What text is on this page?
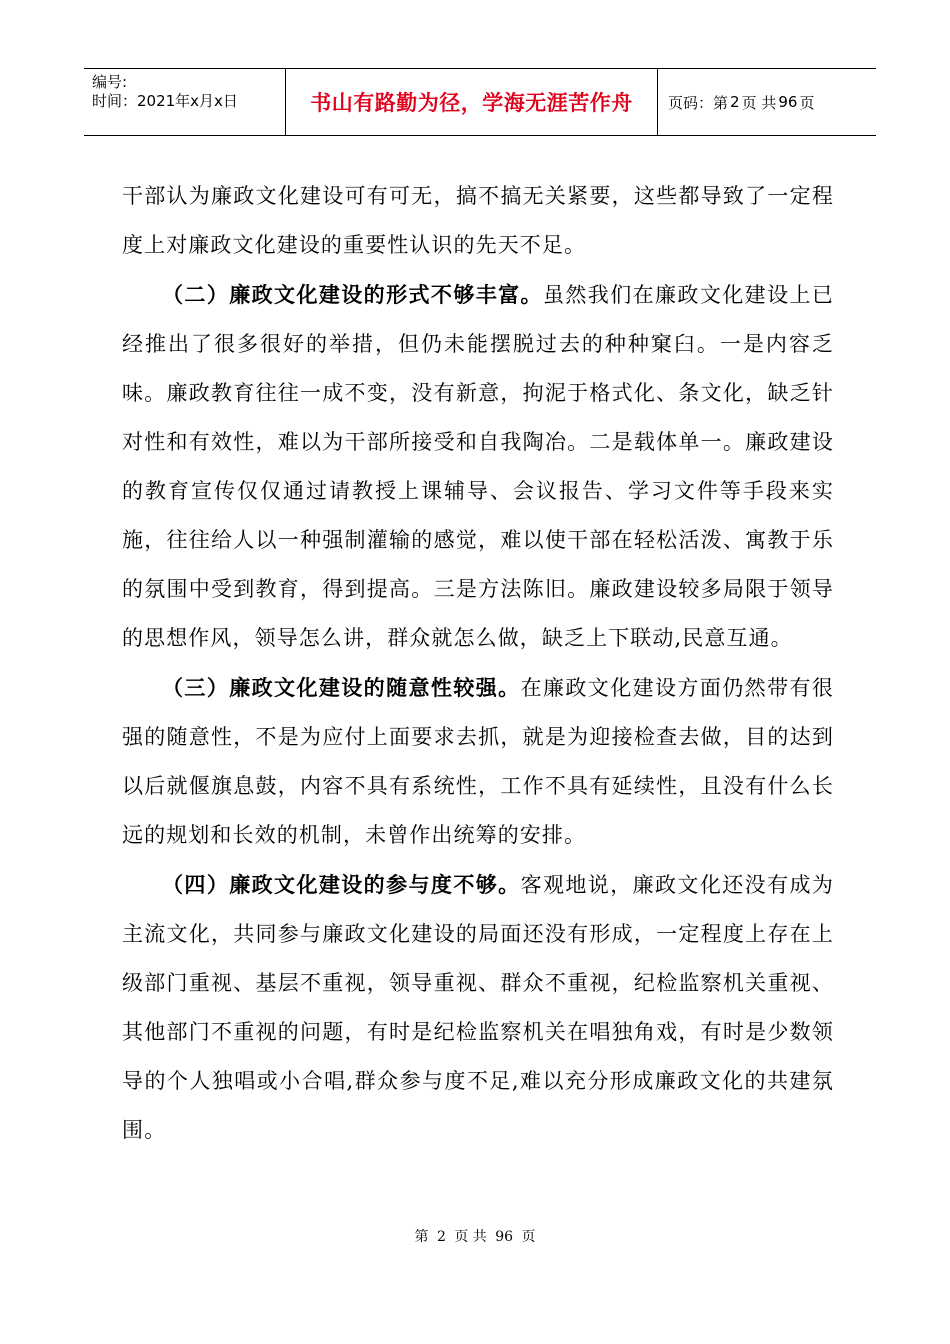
编号:
时间：2021年x月x日	书山有路勤为径，学海无涯苦作舟 页码：第 2 页 共 96 页

干部认为廉政文化建设可有可无，搞不搞无关紧要，这些都导致了一定程度上对廉政文化建设的重要性认识的先天不足。

（二）廉政文化建设的形式不够丰富。虽然我们在廉政文化建设上已经推出了很多很好的举措，但仍未能摆脱过去的种种窠臼。一是内容乏味。廉政教育往往一成不变，没有新意，拘泥于格式化、条文化，缺乏针对性和有效性，难以为干部所接受和自我陶冶。二是载体单一。廉政建设的教育宣传仅仅通过请教授上课辅导、会议报告、学习文件等手段来实施，往往给人以一种强制灌输的感觉，难以使干部在轻松活泼、寓教于乐的氛围中受到教育，得到提高。三是方法陈旧。廉政建设较多局限于领导的思想作风，领导怎么讲，群众就怎么做，缺乏上下联动,民意互通。

（三）廉政文化建设的随意性较强。在廉政文化建设方面仍然带有很强的随意性，不是为应付上面要求去抓，就是为迎接检查去做，目的达到以后就偃旗息鼓，内容不具有系统性，工作不具有延续性，且没有什么长远的规划和长效的机制，未曾作出统筹的安排。

（四）廉政文化建设的参与度不够。客观地说，廉政文化还没有成为主流文化，共同参与廉政文化建设的局面还没有形成，一定程度上存在上级部门重视、基层不重视，领导重视、群众不重视，纪检监察机关重视、其他部门不重视的问题，有时是纪检监察机关在唱独角戏，有时是少数领导的个人独唱或小合唱,群众参与度不足,难以充分形成廉政文化的共建氛围。

第 2 页 共 96 页
